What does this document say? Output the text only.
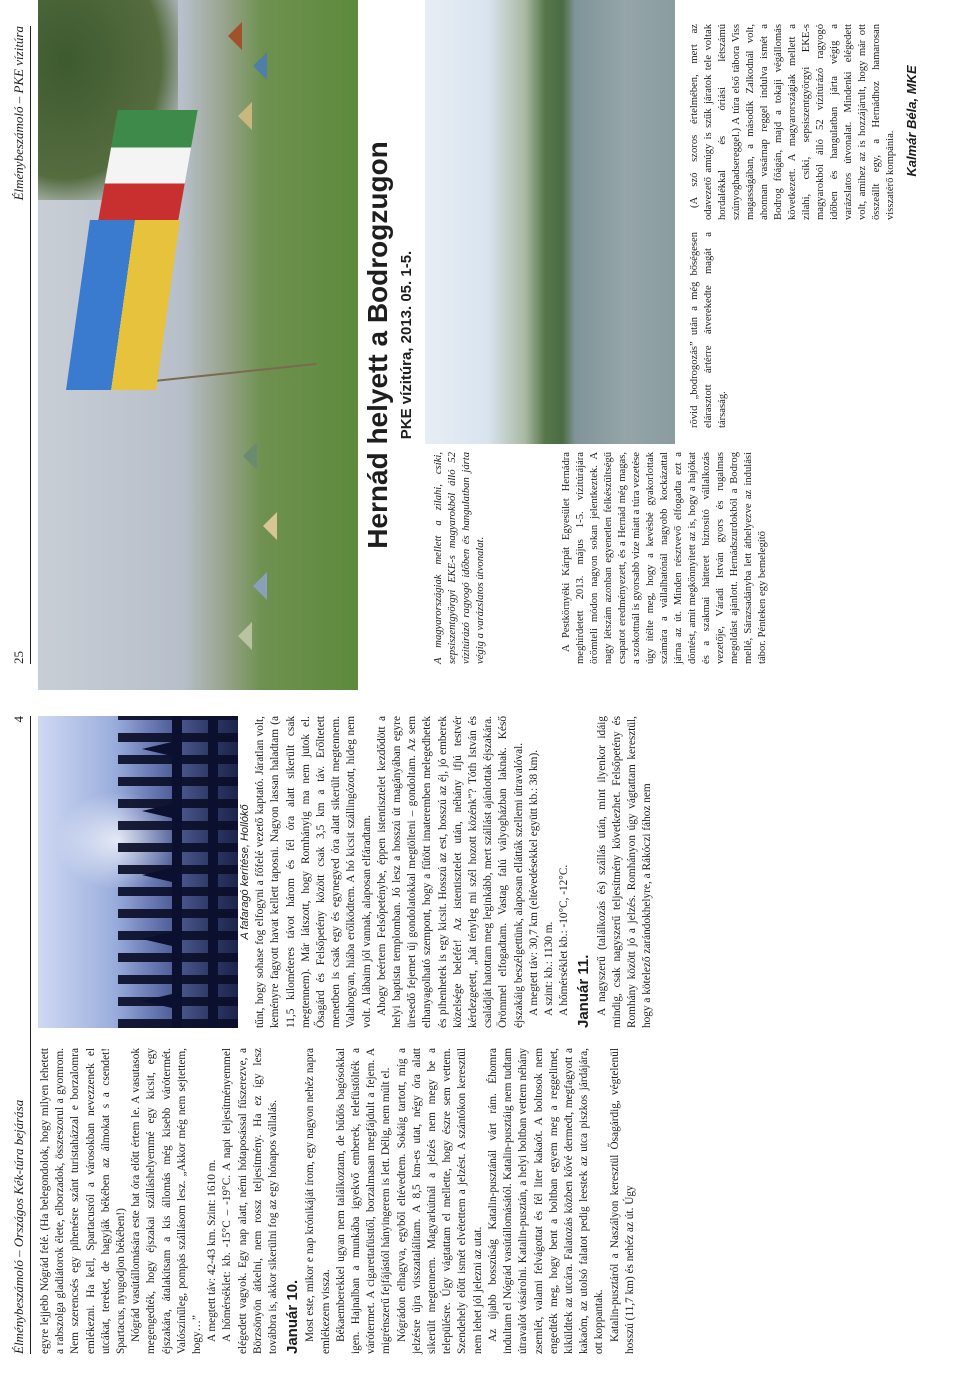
Élménybeszámoló – Országos Kék-túra bejárása
4

egyre lejjebb Nógrád felé. (Ha belegondolok, hogy milyen lehetett a rabszolga gladiátorok élete, elborzadok, összeszorul a gyomrom. Nem szerencsés egy pihenésre szánt turistaházzal e borzalomra emlékezni. Ha kell, Spartacusról a városokban nevezzenek el utcákat, tereket, de hagyják békében az álmokat s a csendet! Spartacus, nyugodjon békében!) Nógrád vasútállomására este hat óra előtt értem le. A vasutasok megengedték, hogy éjszakai szálláshelyemmé egy kicsit, egy éjszakára, átalakítsam a kis állomás még kisebb várótermét. Valószínűleg, pompás szállásom lesz. „Akkor még nem sejtettem, hogy…” A megtett táv: 42-43 km. Szint: 1610 m. A hőmérséklet: kb. -15°C – -19°C. A napi teljesítményemmel elégedett vagyok. Egy nap alatt, némi hótaposással fűszerezve, a Börzsönyön átkelni, nem rossz teljesítmény. Ha ez így lesz továbbra is, akkor sikerülni fog az egy hónapos vállalás. Január 10. Most este, mikor e nap krónikáját írom, egy nagyon nehéz napra emlékezem vissza. Békaemberekkel ugyan nem találkoztam, de bűdös bagósokkal igen. Hajnalban a munkába igyekvő emberek, telefüstölték a várótermet. A cigarettafüsttől, borzalmasan megfájdult a fejem. A migrénszerű fejfájástól hányingerem is lett. Délig, nem múlt el. Nógrádon elhagyva, egyből eltévedtem. Sokáig tartott, míg a jelzésre újra visszatalálítam. A 8,5 km-es utat, négy óra alatt sikerült megtennem. Magyarkútnál a jelzés nem megy be a településre. Úgy vágtattam el mellette, hogy észre sem vettem. Szendehely előtt ismét elvétettem a jelzést. A szántókon keresztül nem lehet jól jelezni az utat. Az újabb bosszúság Katalin-pusztánál várt rám. Éhomra indultam el Nógrád vasútállomásától. Katalin-pusztáig nem tudtam útravalót vásárolni. Katalin-pusztán, a helyi boltban vettem néhány zsemlét, valami felvágottat és fél liter kakaót. A boltosok nem engedték meg, hogy bent a boltban egyem meg a reggelimet, kiküldtek az utcára. Falatozás közben kővé dermedt, megfagyott a kakaóm, az utolsó falatot pedig leestek az utca piszkos járdájára, ott koppantak. Katalin-pusztáról a Naszályon keresztül Ősagárdig, végtelenül hosszú (11,7 km) és nehéz az út. Úgy

A fafaragó kerítése, Hollókő tűnt, hogy sohase fog elfogyni a főfelé vezető kaptató. Járatlan volt, keményre fagyott havat kellett taposni. Nagyon lassan haladtam (a 11,5 kilométeres távot három és fél óra alatt sikerült csak megtennem). Már látszott, hogy Romhányig ma nem jutok el. Ősagárd és Felsőpetény között csak 3,5 km a táv. Erőltetett menetben is csak egy és egynegyed óra alatt sikerült megtennem. Valahogyan, hiába erőlködtem. A hó kicsit szállingózott, hideg nem volt. A lábaim jól vannak, alaposan elfáradtam. Ahogy beértem Felsőpeténybe, éppen istentisztelet kezdődött a helyi baptista templomban. Jó lesz a hosszú út magányában egyre üresedő fejemet új gondolatokkal megtölteni – gondoltam. Az sem elhanyagolható szempont, hogy a fűtött imateremben melegedhetek és pihenhetek is egy kicsit. Hosszú az est, hosszú az éj, jó emberek közelsége belefér! Az istentisztelet után, néhány ifjú testvér kérdezgetett, „hát tényleg mi szél hozott közénk”? Tóth István és családját hatottam meg leginkább, mert szállást ajánlottak éjszakára. Örömmel elfogadtam. Vastag falú vályogházban laknak. Késő éjszakáig beszélgettünk, alaposan ellátták szellemi útravalóval. A megtett táv: 30,7 km (eltévedésekkel együtt kb.: 38 km). A szint: kb.: 1130 m. A hőmérséklet kb.: -10°C, -12°C. Január 11. A nagyszerű (találkozás és) szállás után, mint ilyenkor idáig mindig, csak nagyszerű teljesítmény következhet. Felsőpetény és Romhány között jó a jelzés. Romhányon úgy vágtattam keresztül, hogy a kötelező zarándokhelyre, a Rákóczi fához nem

25
Élménybeszámoló – PKE vízitúra
Hernád helyett a Bodrogzugon PKE vízitúra, 2013. 05. 1-5.

A magyarországiak mellett a zilahi, csíki, sepsiszentgyörgyi EKE-s magyarokból álló 52 vízitúrázó ragyogó időben és hangulatban járta végig a varázslatos útvonalat.	A Pestkörnyéki Kárpát Egyesület Hernádra meghirdetett 2013. május 1-5. vízitúrájára örömteli módon nagyon sokan jelentkeztek. A nagy létszám azonban egyenetlen felkészültségű csapatot eredményezett, és a Hernád még magas, a szokottnál is gyorsabb vize miatt a túra vezetése úgy ítélte meg, hogy a kevésbé gyakorlottak számára a vállalhatónál nagyobb kockázattal járna az út. Minden résztvevő elfogadta ezt a döntést, amit megkönnyített az is, hogy a hajókat és a szakmai hátteret biztosító vállalkozás vezetője, Váradi István gyors és rugalmas megoldást ajánlott. Hernádszurdokból a Bodrog mellé, Sárazsadányba lett áthelyezve az indulási tábor. Pénteken egy bemelegítő

rövid „bodrogozás” után a még bőségesen elárasztott ártérre átverekedte magát a társaság.

(A szó szoros értelmében, mert az odavezető amúgy is szűk járatok tele voltak hordalékkal és óriási létszámú szúnyoghadsereggel.) A túra első tábora Viss magasságában, a második Zalkodnál volt, ahonnan vasárnap reggel indulva ismét a Bodrog főágán, majd a tokaji végállomás következett. A magyarországiak mellett a zilahi, csíki, sepsiszentgyörgyi EKE-s magyarokból álló 52 vízitúrázó ragyogó időben és hangulatban járta végig a varázslatos útvonalat. Mindenki elégedett volt, amihez az is hozzájárult, hogy már ott összeállt egy, a Hernádhoz hamarosan visszatérő kompánia. Kalmár Béla, MKE
